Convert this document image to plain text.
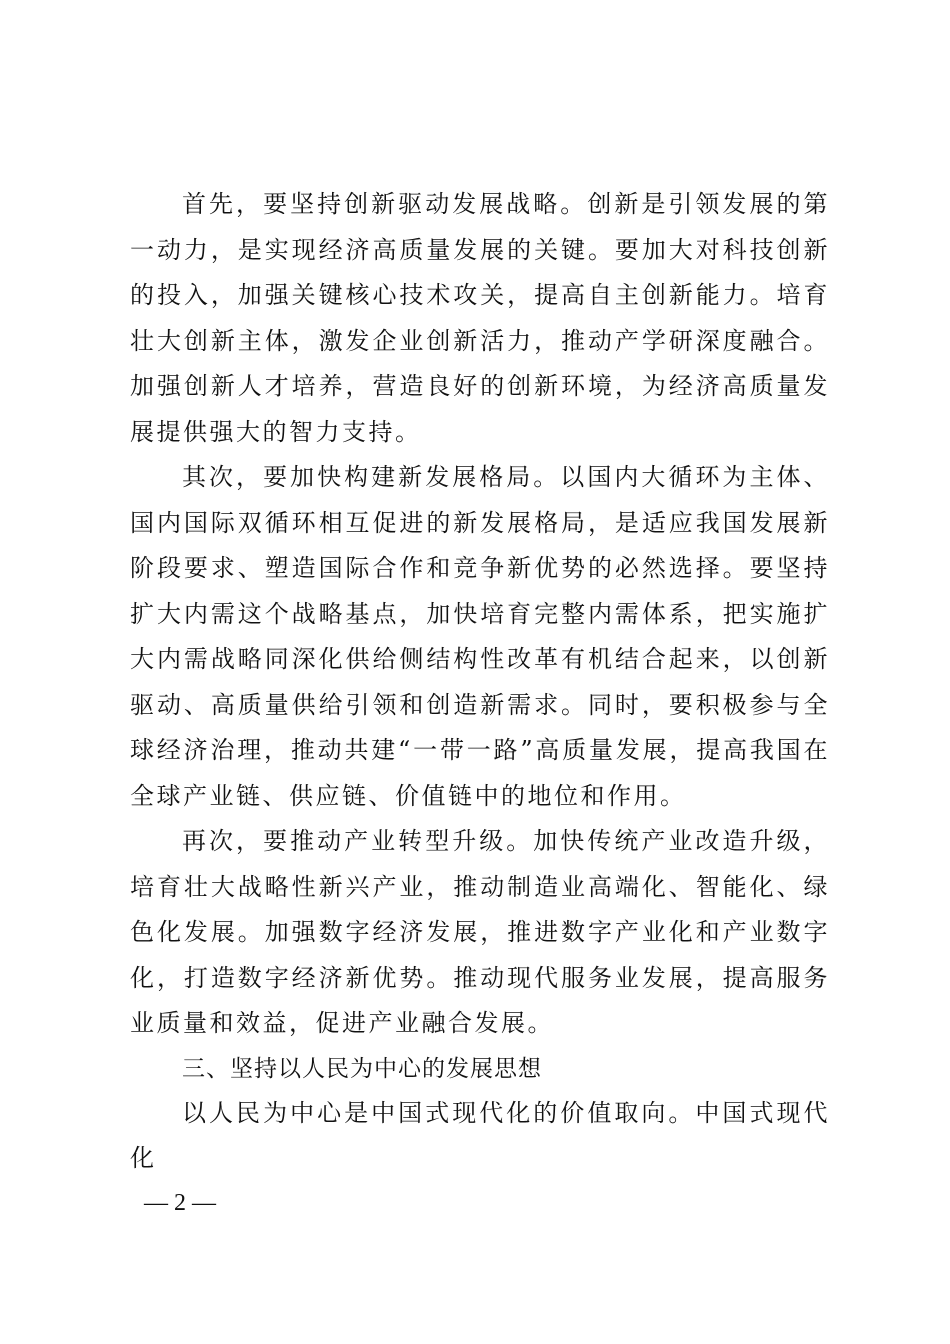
首先，要坚持创新驱动发展战略。创新是引领发展的第一动力，是实现经济高质量发展的关键。要加大对科技创新的投入，加强关键核心技术攻关，提高自主创新能力。培育壮大创新主体，激发企业创新活力，推动产学研深度融合。加强创新人才培养，营造良好的创新环境，为经济高质量发展提供强大的智力支持。

其次，要加快构建新发展格局。以国内大循环为主体、国内国际双循环相互促进的新发展格局，是适应我国发展新阶段要求、塑造国际合作和竞争新优势的必然选择。要坚持扩大内需这个战略基点，加快培育完整内需体系，把实施扩大内需战略同深化供给侧结构性改革有机结合起来，以创新驱动、高质量供给引领和创造新需求。同时，要积极参与全球经济治理，推动共建“一带一路”高质量发展，提高我国在全球产业链、供应链、价值链中的地位和作用。

再次，要推动产业转型升级。加快传统产业改造升级，培育壮大战略性新兴产业，推动制造业高端化、智能化、绿色化发展。加强数字经济发展，推进数字产业化和产业数字化，打造数字经济新优势。推动现代服务业发展，提高服务业质量和效益，促进产业融合发展。

三、坚持以人民为中心的发展思想

以人民为中心是中国式现代化的价值取向。中国式现代化

— 2 —
